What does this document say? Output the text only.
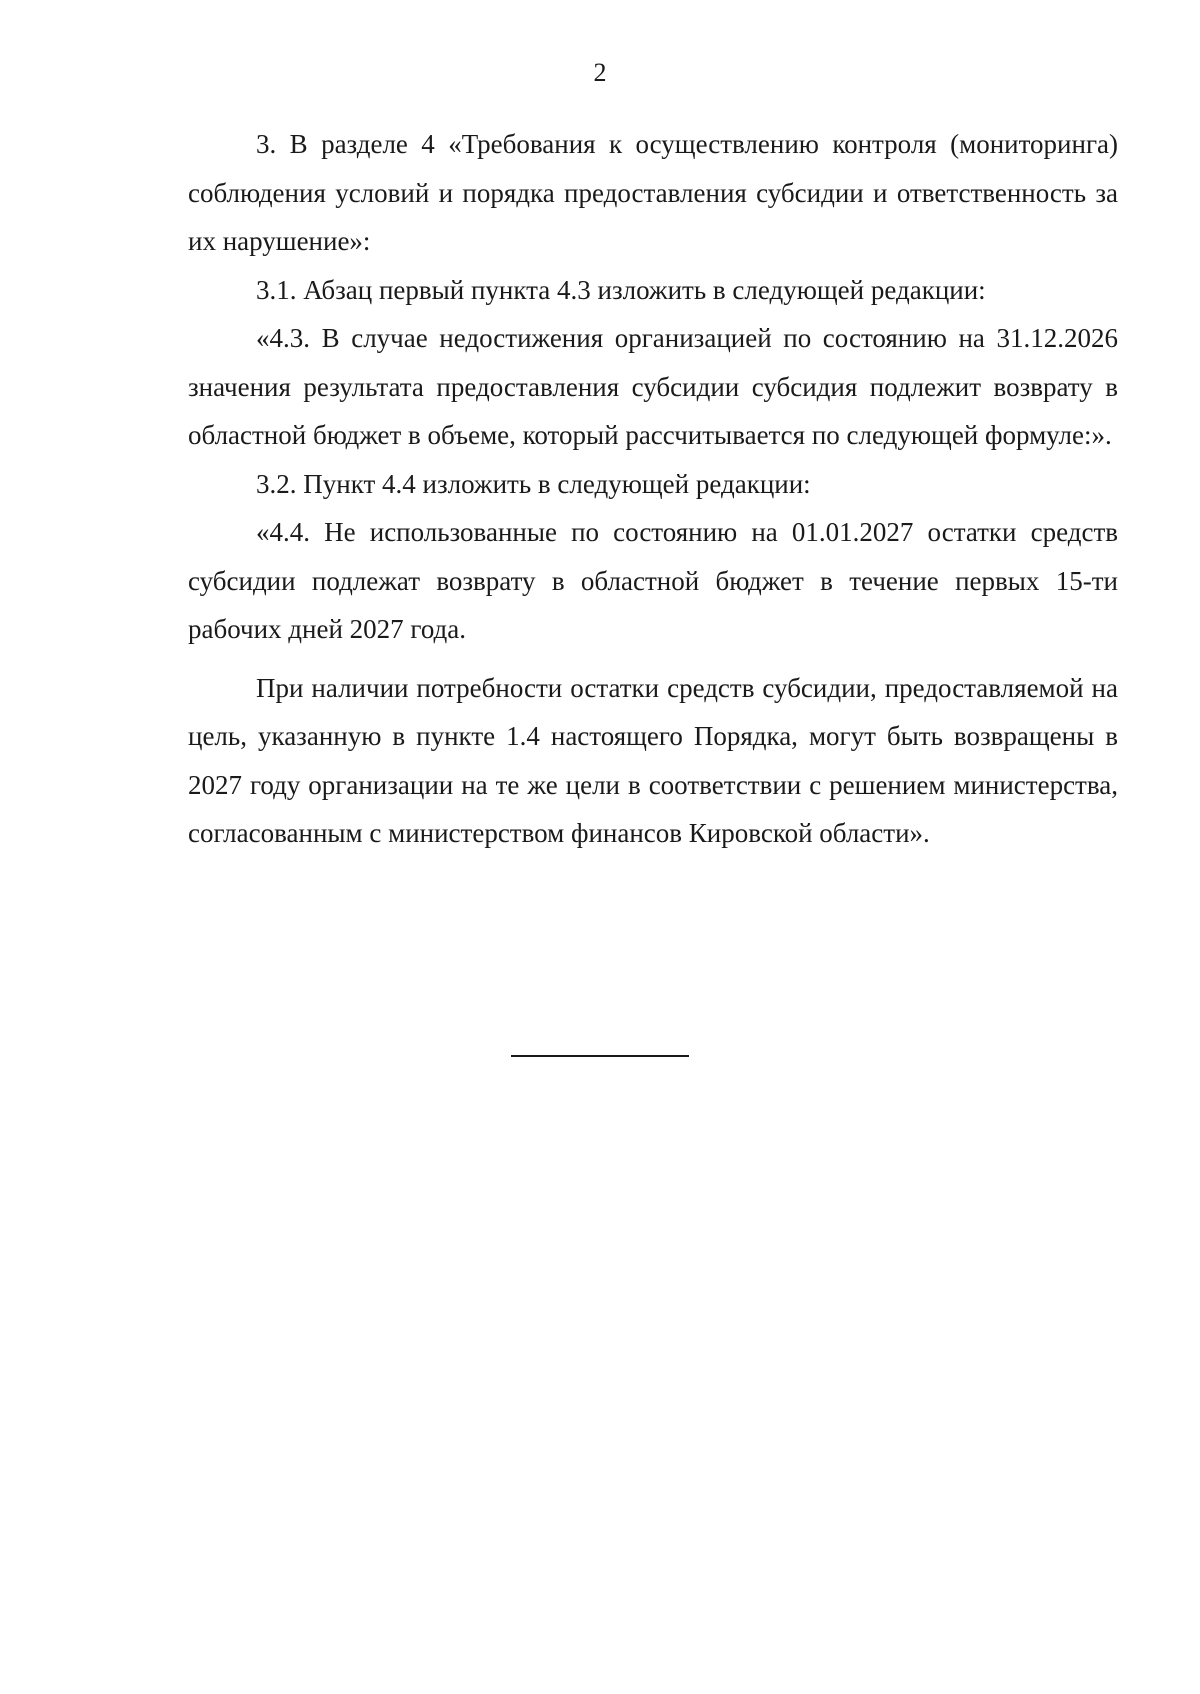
2

3. В разделе 4 «Требования к осуществлению контроля (мониторинга) соблюдения условий и порядка предоставления субсидии и ответственность за их нарушение»:

3.1. Абзац первый пункта 4.3 изложить в следующей редакции:

«4.3. В случае недостижения организацией по состоянию на 31.12.2026 значения результата предоставления субсидии субсидия подлежит возврату в областной бюджет в объеме, который рассчитывается по следующей формуле:».

3.2. Пункт 4.4 изложить в следующей редакции:

«4.4. Не использованные по состоянию на 01.01.2027 остатки средств субсидии подлежат возврату в областной бюджет в течение первых 15-ти рабочих дней 2027 года.

При наличии потребности остатки средств субсидии, предоставляемой на цель, указанную в пункте 1.4 настоящего Порядка, могут быть возвращены в 2027 году организации на те же цели в соответствии с решением министерства, согласованным с министерством финансов Кировской области».
